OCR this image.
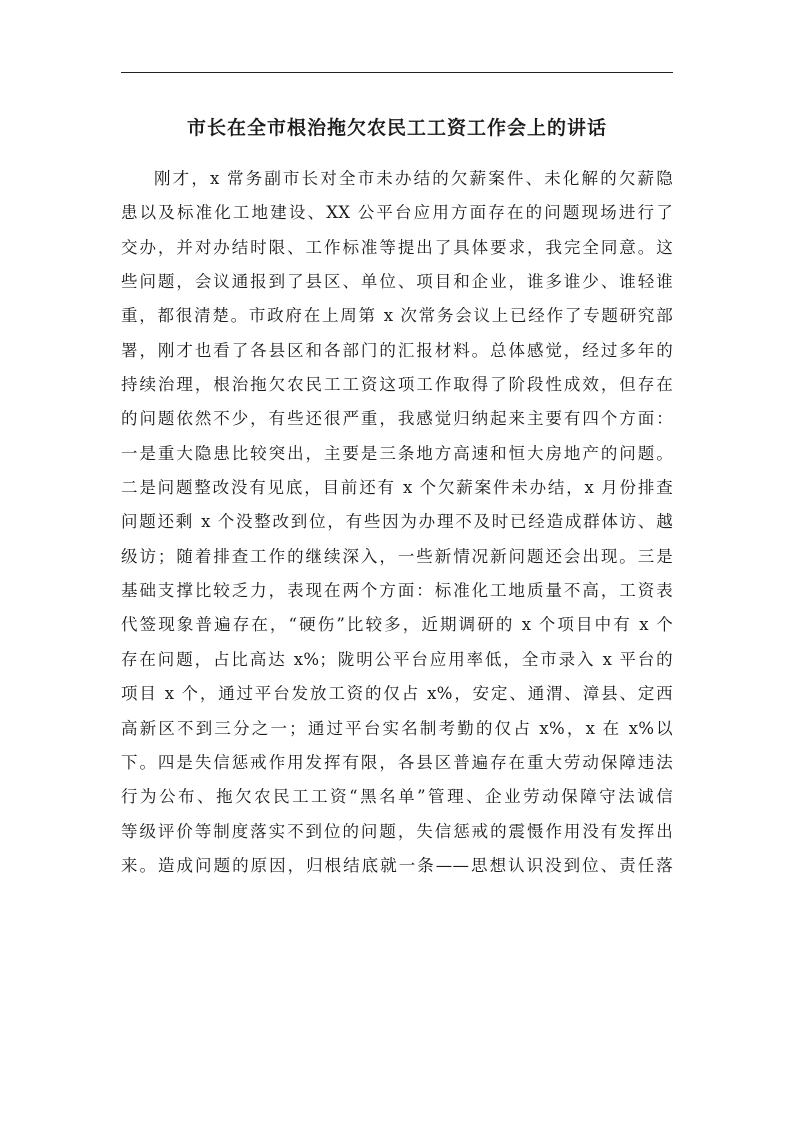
市长在全市根治拖欠农民工工资工作会上的讲话
刚才，x 常务副市长对全市未办结的欠薪案件、未化解的欠薪隐
患以及标准化工地建设、XX 公平台应用方面存在的问题现场进行了
交办，并对办结时限、工作标准等提出了具体要求，我完全同意。这
些问题，会议通报到了县区、单位、项目和企业，谁多谁少、谁轻谁
重，都很清楚。市政府在上周第 x 次常务会议上已经作了专题研究部
署，刚才也看了各县区和各部门的汇报材料。总体感觉，经过多年的
持续治理，根治拖欠农民工工资这项工作取得了阶段性成效，但存在
的问题依然不少，有些还很严重，我感觉归纳起来主要有四个方面：
一是重大隐患比较突出，主要是三条地方高速和恒大房地产的问题。
二是问题整改没有见底，目前还有 x 个欠薪案件未办结，x 月份排查
问题还剩 x 个没整改到位，有些因为办理不及时已经造成群体访、越
级访；随着排查工作的继续深入，一些新情况新问题还会出现。三是
基础支撑比较乏力，表现在两个方面：标准化工地质量不高，工资表
代签现象普遍存在，“硬伤”比较多，近期调研的 x 个项目中有 x 个
存在问题，占比高达 x%；陇明公平台应用率低，全市录入 x 平台的
项目 x 个，通过平台发放工资的仅占 x%，安定、通渭、漳县、定西
高新区不到三分之一；通过平台实名制考勤的仅占 x%，x 在 x%以
下。四是失信惩戒作用发挥有限，各县区普遍存在重大劳动保障违法
行为公布、拖欠农民工工资“黑名单”管理、企业劳动保障守法诚信
等级评价等制度落实不到位的问题，失信惩戒的震慑作用没有发挥出
来。造成问题的原因，归根结底就一条——思想认识没到位、责任落
